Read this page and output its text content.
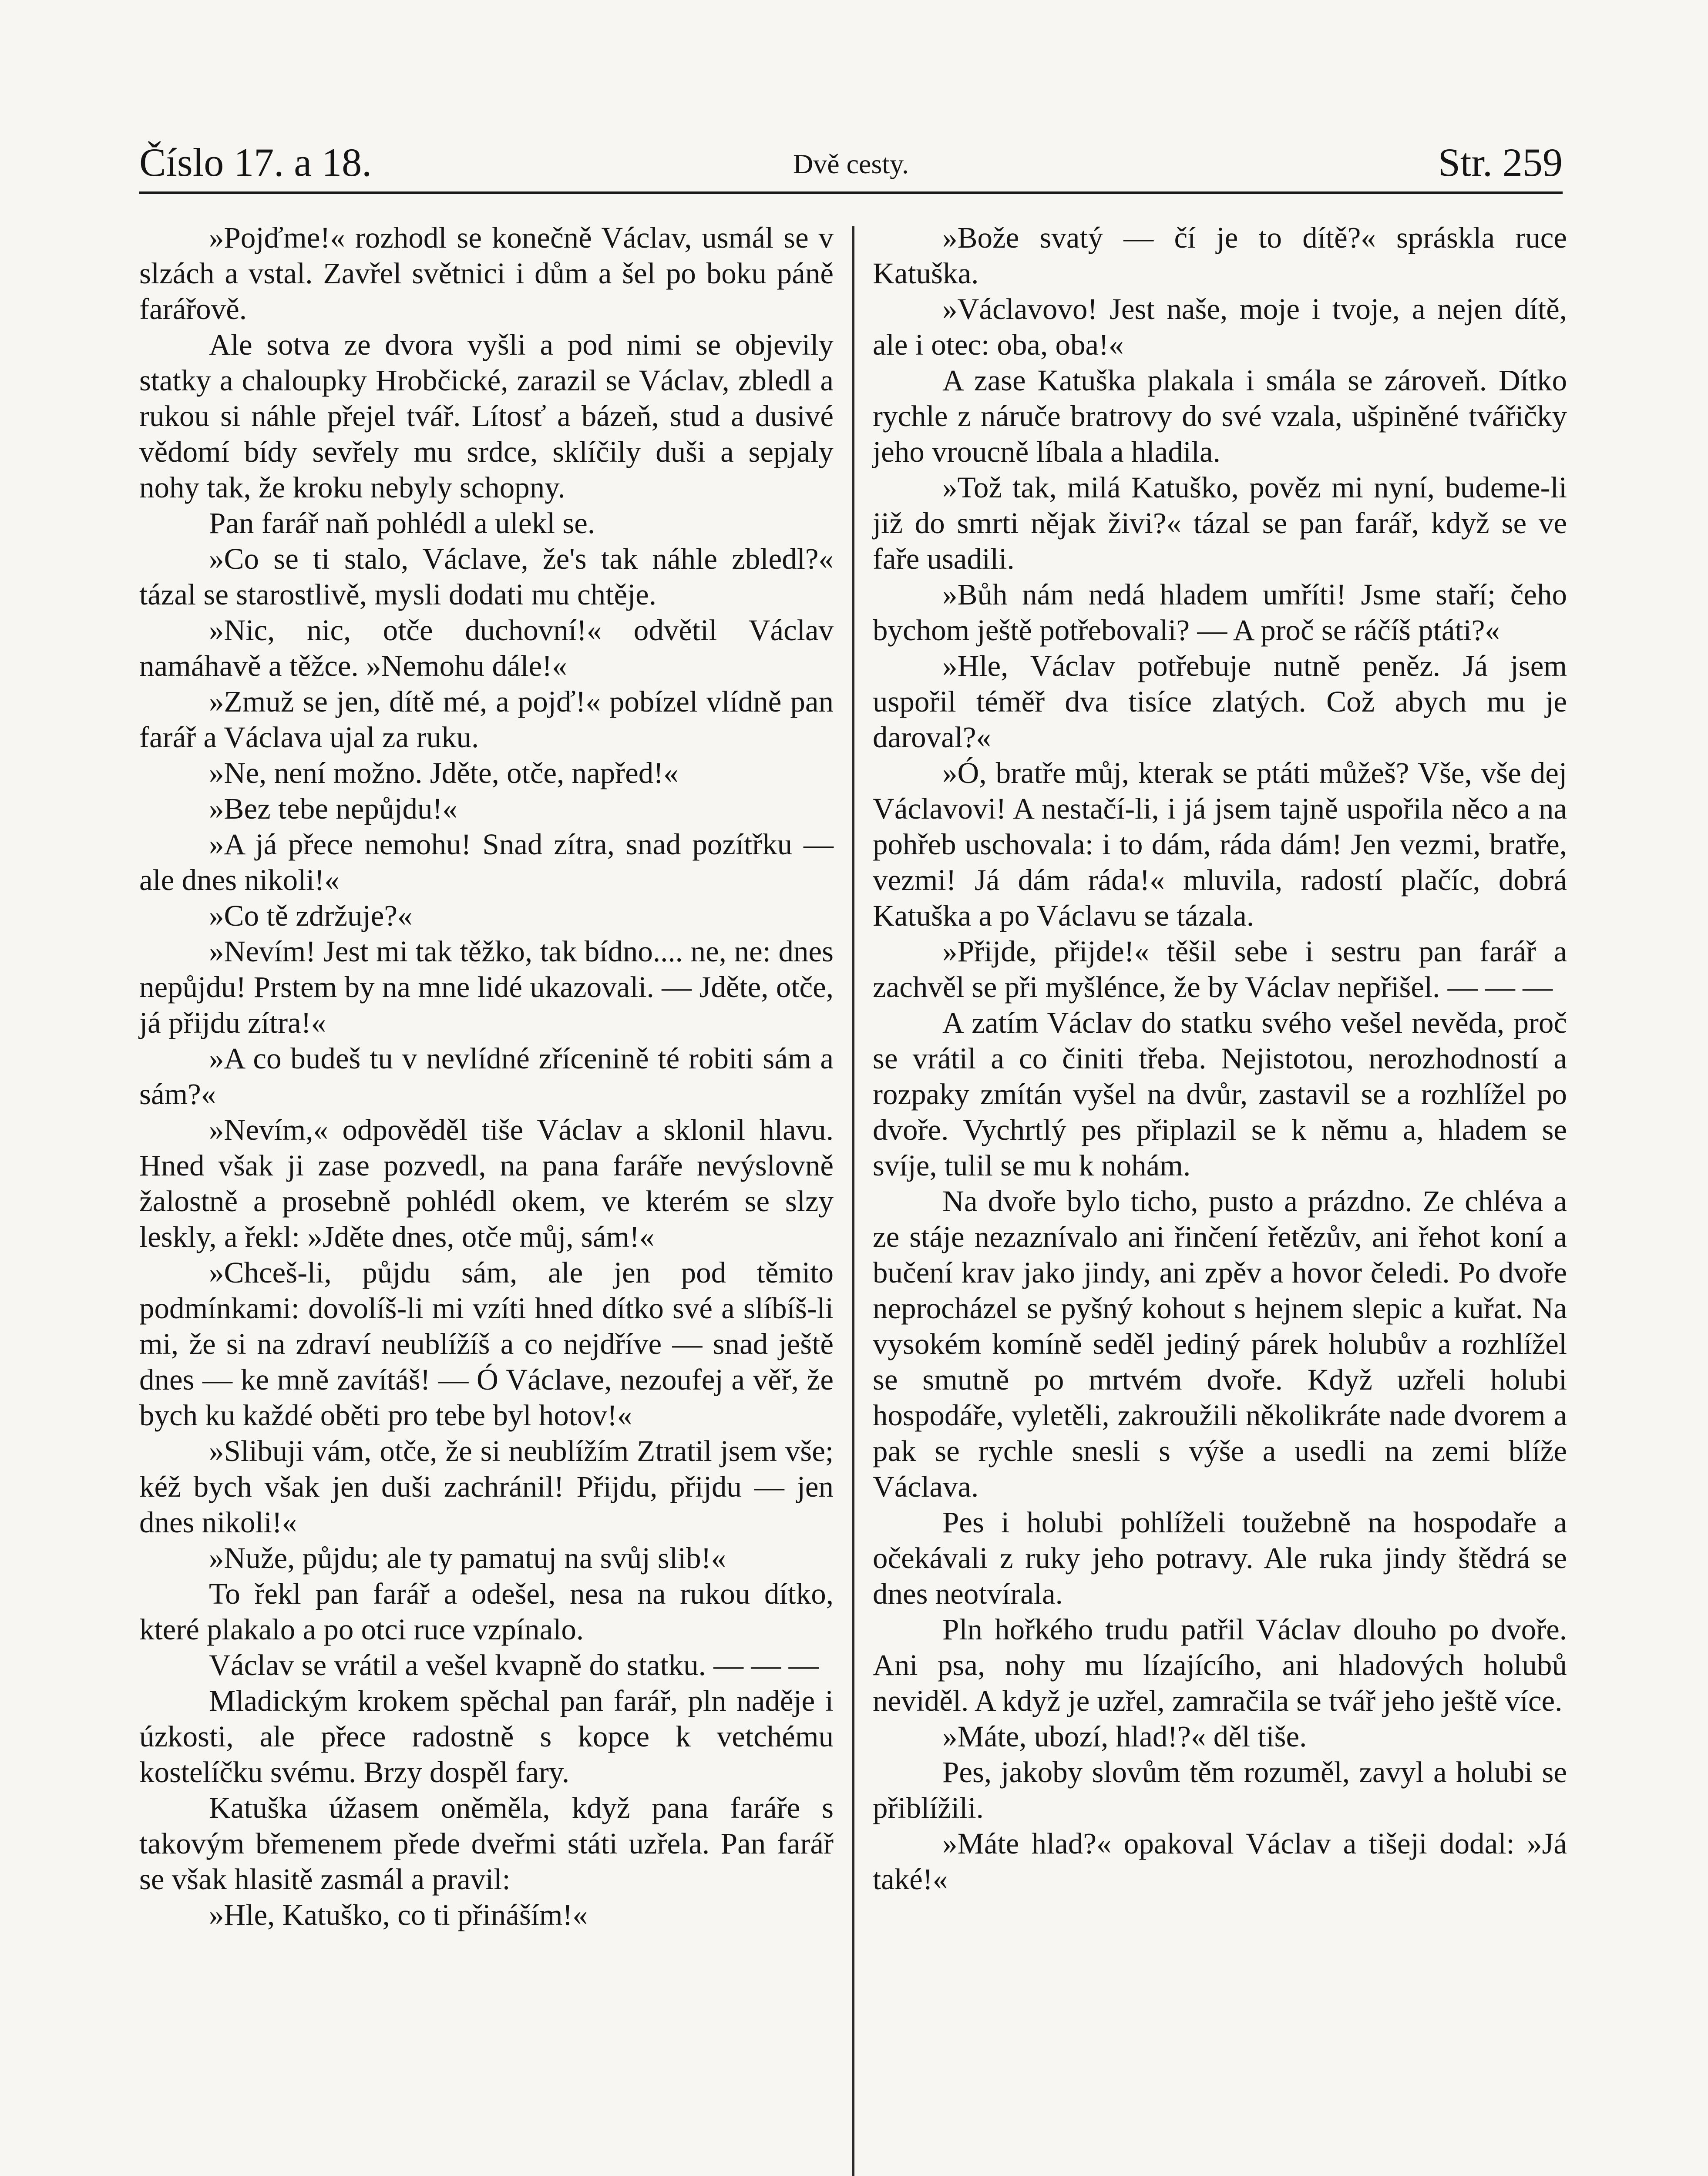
Číslo 17. a 18.	Dvě cesty.	Str. 259

»Pojďme!« rozhodl se konečně Václav, usmál se v slzách a vstal. Zavřel světnici i dům a šel po boku páně farářově.

Ale sotva ze dvora vyšli a pod nimi se objevily statky a chaloupky Hrobčické, zarazil se Václav, zbledl a rukou si náhle přejel tvář. Lítosť a bázeň, stud a dusivé vědomí bídy sevřely mu srdce, sklíčily duši a sepjaly nohy tak, že kroku nebyly schopny.

Pan farář naň pohlédl a ulekl se.

»Co se ti stalo, Václave, že's tak náhle zbledl?« tázal se starostlivě, mysli dodati mu chtěje.

»Nic, nic, otče duchovní!« odvětil Václav namáhavě a těžce. »Nemohu dále!«

»Zmuž se jen, dítě mé, a pojď!« pobízel vlídně pan farář a Václava ujal za ruku.

»Ne, není možno. Jděte, otče, napřed!«

»Bez tebe nepůjdu!«

»A já přece nemohu! Snad zítra, snad pozítřku — ale dnes nikoli!«

»Co tě zdržuje?«

»Nevím! Jest mi tak těžko, tak bídno.... ne, ne: dnes nepůjdu! Prstem by na mne lidé ukazovali. — Jděte, otče, já přijdu zítra!«

»A co budeš tu v nevlídné zřícenině té robiti sám a sám?«

»Nevím,« odpověděl tiše Václav a sklonil hlavu. Hned však ji zase pozvedl, na pana faráře nevýslovně žalostně a prosebně pohlédl okem, ve kterém se slzy leskly, a řekl: »Jděte dnes, otče můj, sám!«

»Chceš-li, půjdu sám, ale jen pod těmito podmínkami: dovolíš-li mi vzíti hned dítko své a slíbíš-li mi, že si na zdraví neublížíš a co nejdříve — snad ještě dnes — ke mně zavítáš! — Ó Václave, nezoufej a věř, že bych ku každé oběti pro tebe byl hotov!«

»Slibuji vám, otče, že si neublížím Ztratil jsem vše; kéž bych však jen duši zachránil! Přijdu, přijdu — jen dnes nikoli!«

»Nuže, půjdu; ale ty pamatuj na svůj slib!«

To řekl pan farář a odešel, nesa na rukou dítko, které plakalo a po otci ruce vzpínalo.

Václav se vrátil a vešel kvapně do statku. — — —

Mladickým krokem spěchal pan farář, pln naděje i úzkosti, ale přece radostně s kopce k vetchému kostelíčku svému. Brzy dospěl fary.

Katuška úžasem oněměla, když pana faráře s takovým břemenem přede dveřmi státi uzřela. Pan farář se však hlasitě zasmál a pravil:

»Hle, Katuško, co ti přináším!«

»Bože svatý — čí je to dítě?« spráskla ruce Katuška.

»Václavovo! Jest naše, moje i tvoje, a nejen dítě, ale i otec: oba, oba!«

A zase Katuška plakala i smála se zároveň. Dítko rychle z náruče bratrovy do své vzala, ušpiněné tvářičky jeho vroucně líbala a hladila.

»Tož tak, milá Katuško, pověz mi nyní, budeme-li již do smrti nějak živi?« tázal se pan farář, když se ve faře usadili.

»Bůh nám nedá hladem umříti! Jsme staří; čeho bychom ještě potřebovali? — A proč se ráčíš ptáti?«

»Hle, Václav potřebuje nutně peněz. Já jsem uspořil téměř dva tisíce zlatých. Což abych mu je daroval?«

»Ó, bratře můj, kterak se ptáti můžeš? Vše, vše dej Václavovi! A nestačí-li, i já jsem tajně uspořila něco a na pohřeb uschovala: i to dám, ráda dám! Jen vezmi, bratře, vezmi! Já dám ráda!« mluvila, radostí plačíc, dobrá Katuška a po Václavu se tázala.

»Přijde, přijde!« těšil sebe i sestru pan farář a zachvěl se při myšlénce, že by Václav nepřišel. — — —

A zatím Václav do statku svého vešel nevěda, proč se vrátil a co činiti třeba. Nejistotou, nerozhodností a rozpaky zmítán vyšel na dvůr, zastavil se a rozhlížel po dvoře. Vychrtlý pes připlazil se k němu a, hladem se svíje, tulil se mu k nohám.

Na dvoře bylo ticho, pusto a prázdno. Ze chléva a ze stáje nezaznívalo ani řinčení řetězův, ani řehot koní a bučení krav jako jindy, ani zpěv a hovor čeledi. Po dvoře neprocházel se pyšný kohout s hejnem slepic a kuřat. Na vysokém komíně seděl jediný párek holubův a rozhlížel se smutně po mrtvém dvoře. Když uzřeli holubi hospodáře, vyletěli, zakroužili několikráte nade dvorem a pak se rychle snesli s výše a usedli na zemi blíže Václava.

Pes i holubi pohlíželi toužebně na hospodaře a očekávali z ruky jeho potravy. Ale ruka jindy štědrá se dnes neotvírala.

Pln hořkého trudu patřil Václav dlouho po dvoře. Ani psa, nohy mu lízajícího, ani hladových holubů neviděl. A když je uzřel, zamračila se tvář jeho ještě více.

»Máte, ubozí, hlad!?« děl tiše.

Pes, jakoby slovům těm rozuměl, zavyl a holubi se přiblížili.

»Máte hlad?« opakoval Václav a tišeji dodal: »Já také!«
